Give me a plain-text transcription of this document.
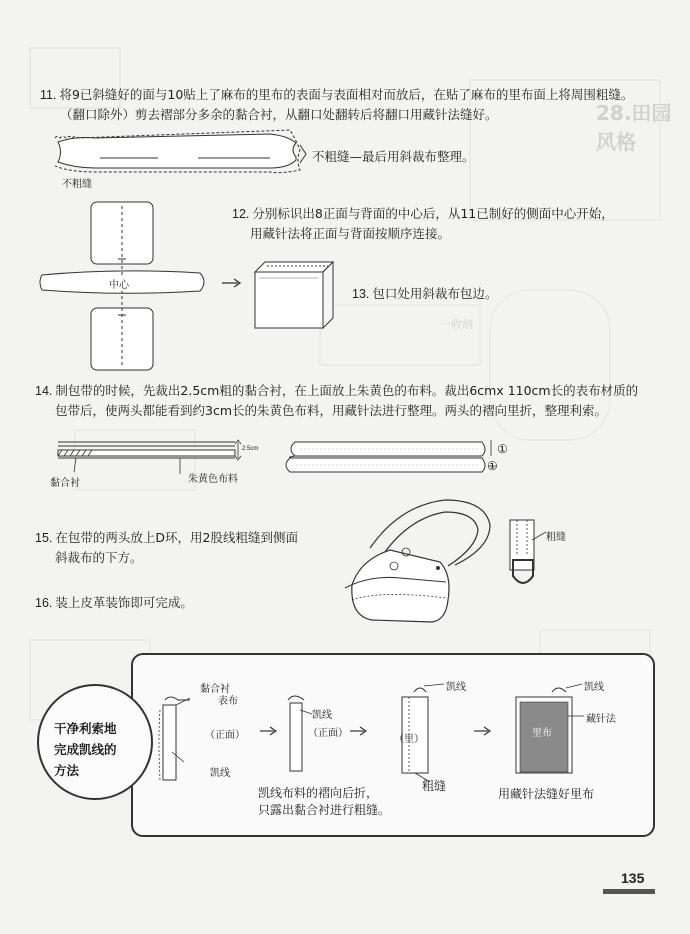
28.田园风格
一收纳
11. 将9已斜缝好的面与10贴上了麻布的里布的表面与表面相对而放后，在贴了麻布的里布面上将周围粗缝。
（翻口除外）剪去褶部分多余的黏合衬，从翻口处翻转后将翻口用藏针法缝好。
不粗缝
不粗缝—最后用斜裁布整理。
12. 分别标识出8正面与背面的中心后，从11已制好的侧面中心开始，
用藏针法将正面与背面按顺序连接。
中心
13. 包口处用斜裁布包边。
14. 制包带的时候，先裁出2.5cm粗的黏合衬，在上面放上朱黄色的布料。裁出6cmx 110cm长的表布材质的
包带后，使两头都能看到约3cm长的朱黄色布料，用藏针法进行整理。两头的褶向里折，整理利索。
2.5cm
黏合衬	朱黄色布料
①
①
15. 在包带的两头放上D环，用2股线粗缝到侧面
斜裁布的下方。
16. 装上皮革装饰即可完成。
粗缝
干净利索地
完成凯线的
方法
黏合衬
表布
凯线
（正面）	（正面）
（里）
凯线	凯线
里布
藏针法
凯线
凯线布料的褶向后折，
只露出黏合衬进行粗缝。
粗缝
用藏针法缝好里布
135
